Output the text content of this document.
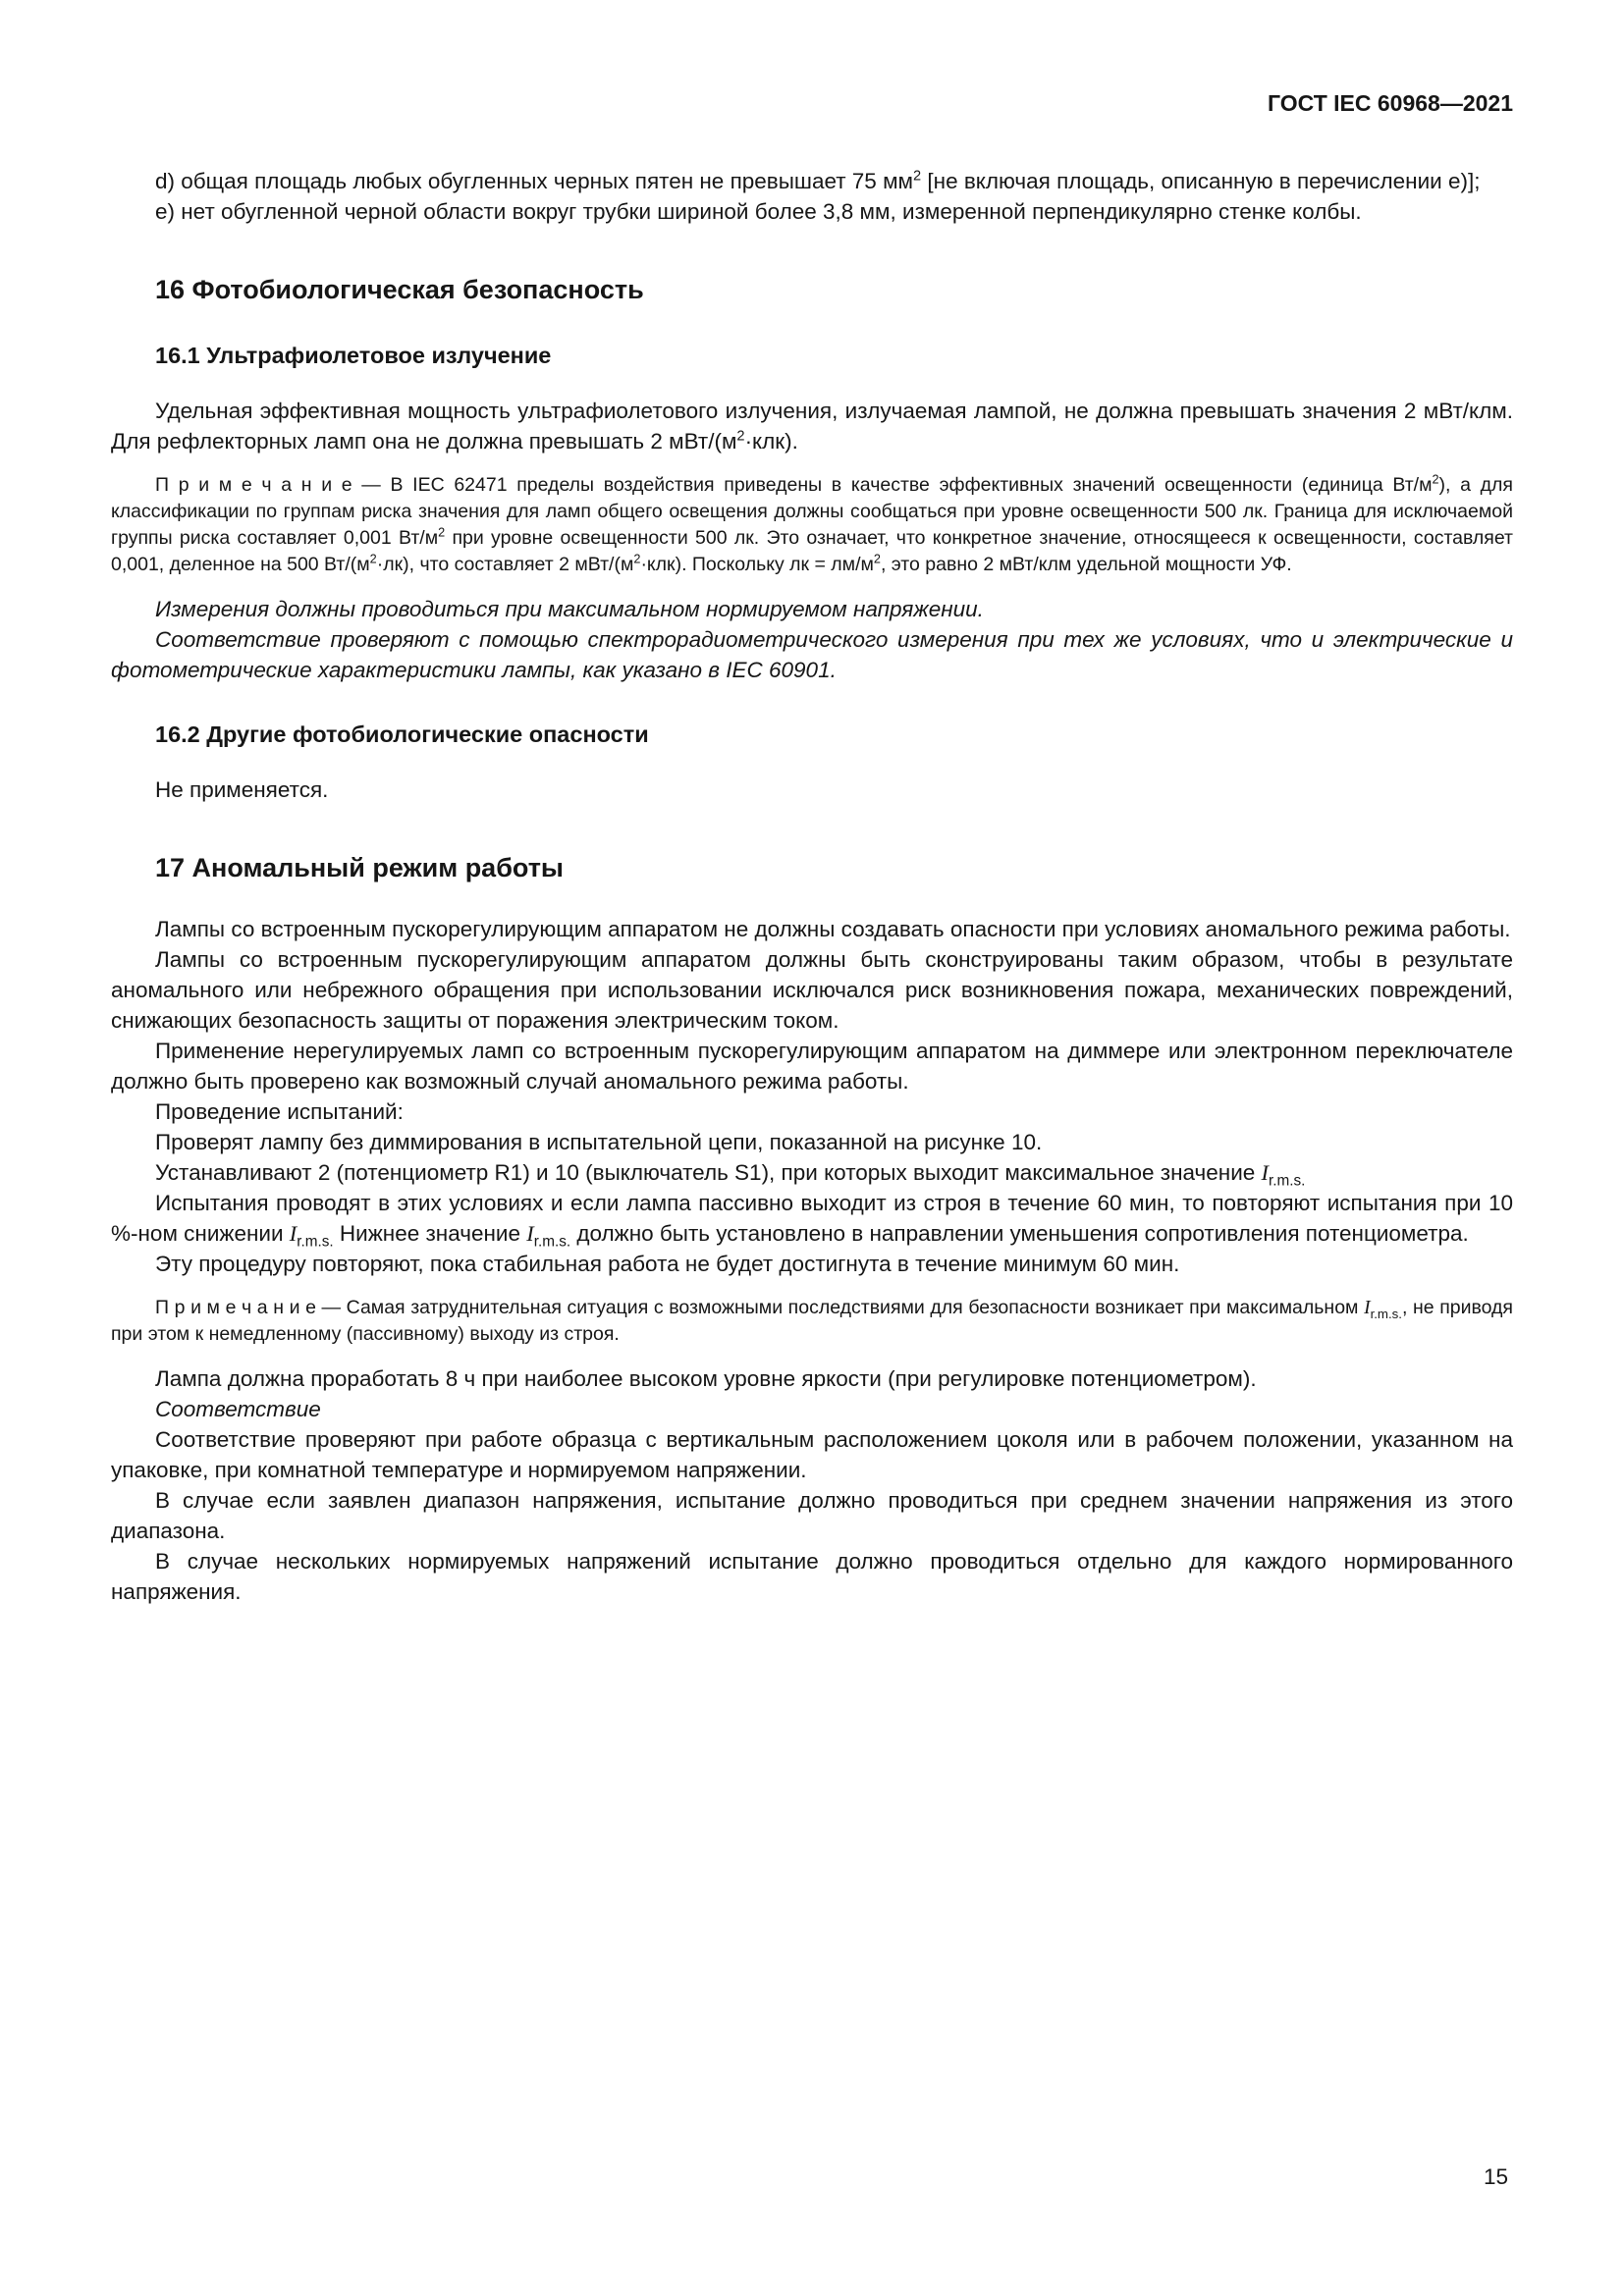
ГОСТ IEC 60968—2021

d) общая площадь любых обугленных черных пятен не превышает 75 $мм^2$ [не включая площадь, описанную в перечислении е)];

е) нет обугленной черной области вокруг трубки шириной более 3,8 мм, измеренной перпендикулярно стенке колбы.

16 Фотобиологическая безопасность
16.1 Ультрафиолетовое излучение

Удельная эффективная мощность ультрафиолетового излучения, излучаемая лампой, не должна превышать значения 2 мВт/клм. Для рефлекторных ламп она не должна превышать 2 мВт/$(м^2\cdot клк)$.

П р и м е ч а н и е — В IEC 62471 пределы воздействия приведены в качестве эффективных значений освещенности (единица $Вт/м^2$), а для классификации по группам риска значения для ламп общего освещения должны сообщаться при уровне освещенности 500 лк. Граница для исключаемой группы риска составляет 0,001 $Вт/м^2$ при уровне освещенности 500 лк. Это означает, что конкретное значение, относящееся к освещенности, составляет 0,001, деленное на 500 $Вт/(м^2\cdot лк)$, что составляет 2 мВт/$(м^2\cdot клк)$. Поскольку лк = $лм/м^2$, это равно 2 мВт/клм удельной мощности УФ.

Измерения должны проводиться при максимальном нормируемом напряжении.

Соответствие проверяют с помощью спектрорадиометрического измерения при тех же условиях, что и электрические и фотометрические характеристики лампы, как указано в IEC 60901.

16.2 Другие фотобиологические опасности

Не применяется.

17 Аномальный режим работы

Лампы со встроенным пускорегулирующим аппаратом не должны создавать опасности при условиях аномального режима работы.

Лампы со встроенным пускорегулирующим аппаратом должны быть сконструированы таким образом, чтобы в результате аномального или небрежного обращения при использовании исключался риск возникновения пожара, механических повреждений, снижающих безопасность защиты от поражения электрическим током.

Применение нерегулируемых ламп со встроенным пускорегулирующим аппаратом на диммере или электронном переключателе должно быть проверено как возможный случай аномального режима работы.

Проведение испытаний:

Проверят лампу без диммирования в испытательной цепи, показанной на рисунке 10.

Устанавливают 2 (потенциометр R1) и 10 (выключатель S1), при которых выходит максимальное значение $I_{r.m.s.}$

Испытания проводят в этих условиях и если лампа пассивно выходит из строя в течение 60 мин, то повторяют испытания при 10 %-ном снижении $I_{r.m.s.}$ Нижнее значение $I_{r.m.s.}$ должно быть установлено в направлении уменьшения сопротивления потенциометра.

Эту процедуру повторяют, пока стабильная работа не будет достигнута в течение минимум 60 мин.

П р и м е ч а н и е — Самая затруднительная ситуация с возможными последствиями для безопасности возникает при максимальном $I_{r.m.s.}$, не приводя при этом к немедленному (пассивному) выходу из строя.

Лампа должна проработать 8 ч при наиболее высоком уровне яркости (при регулировке потенциометром).

Соответствие

Соответствие проверяют при работе образца с вертикальным расположением цоколя или в рабочем положении, указанном на упаковке, при комнатной температуре и нормируемом напряжении.

В случае если заявлен диапазон напряжения, испытание должно проводиться при среднем значении напряжения из этого диапазона.

В случае нескольких нормируемых напряжений испытание должно проводиться отдельно для каждого нормированного напряжения.

15
